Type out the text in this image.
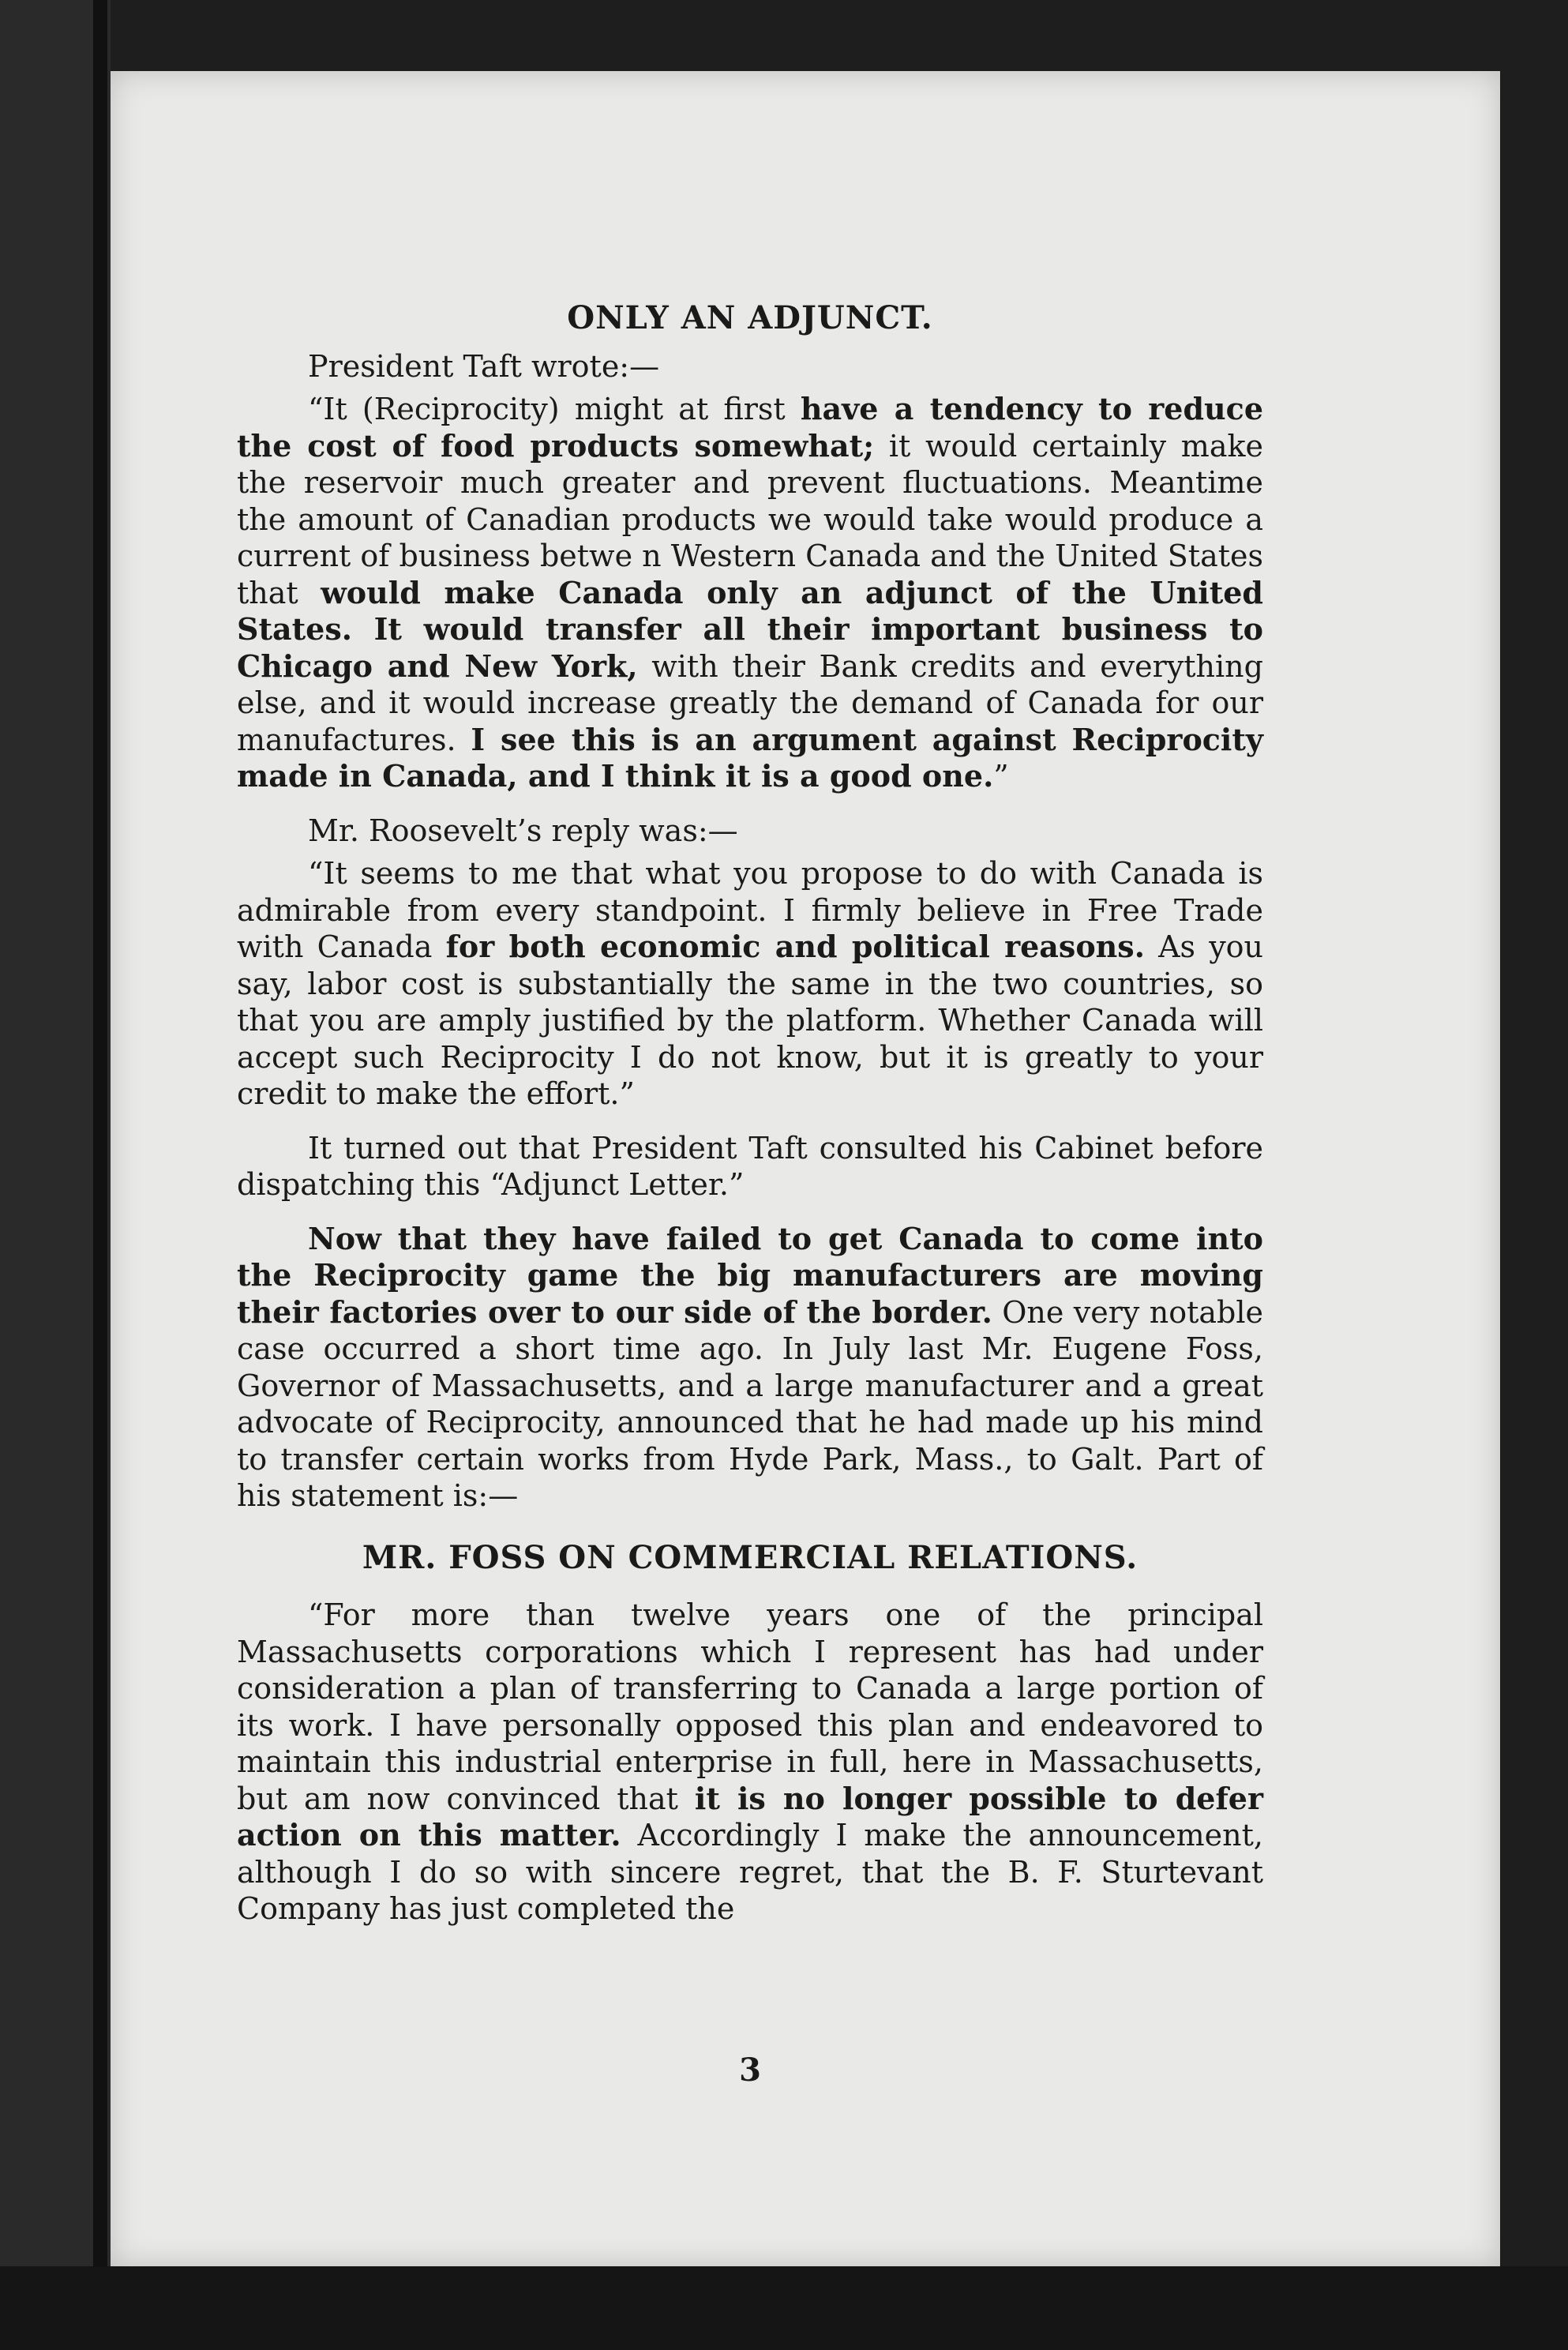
ONLY AN ADJUNCT.

President Taft wrote:—

“It (Reciprocity) might at first have a tendency to reduce the cost of food products somewhat; it would certainly make the reservoir much greater and prevent fluctuations. Meantime the amount of Canadian products we would take would produce a current of business betwe n Western Canada and the United States that would make Canada only an adjunct of the United States. It would transfer all their important business to Chicago and New York, with their Bank credits and everything else, and it would increase greatly the demand of Canada for our manufactures. I see this is an argument against Reciprocity made in Canada, and I think it is a good one.”

Mr. Roosevelt’s reply was:—

“It seems to me that what you propose to do with Canada is admirable from every standpoint. I firmly believe in Free Trade with Canada for both economic and political reasons. As you say, labor cost is substantially the same in the two countries, so that you are amply justified by the platform. Whether Canada will accept such Reciprocity I do not know, but it is greatly to your credit to make the effort.”

It turned out that President Taft consulted his Cabinet before dispatching this “Adjunct Letter.”

Now that they have failed to get Canada to come into the Reciprocity game the big manufacturers are moving their factories over to our side of the border. One very notable case occurred a short time ago. In July last Mr. Eugene Foss, Governor of Massachusetts, and a large manufacturer and a great advocate of Reciprocity, announced that he had made up his mind to transfer certain works from Hyde Park, Mass., to Galt. Part of his statement is:—

MR. FOSS ON COMMERCIAL RELATIONS.

“For more than twelve years one of the principal Massachusetts corporations which I represent has had under consideration a plan of transferring to Canada a large portion of its work. I have personally opposed this plan and endeavored to maintain this industrial enterprise in full, here in Massachusetts, but am now convinced that it is no longer possible to defer action on this matter. Accordingly I make the announcement, although I do so with sincere regret, that the B. F. Sturtevant Company has just completed the

3
